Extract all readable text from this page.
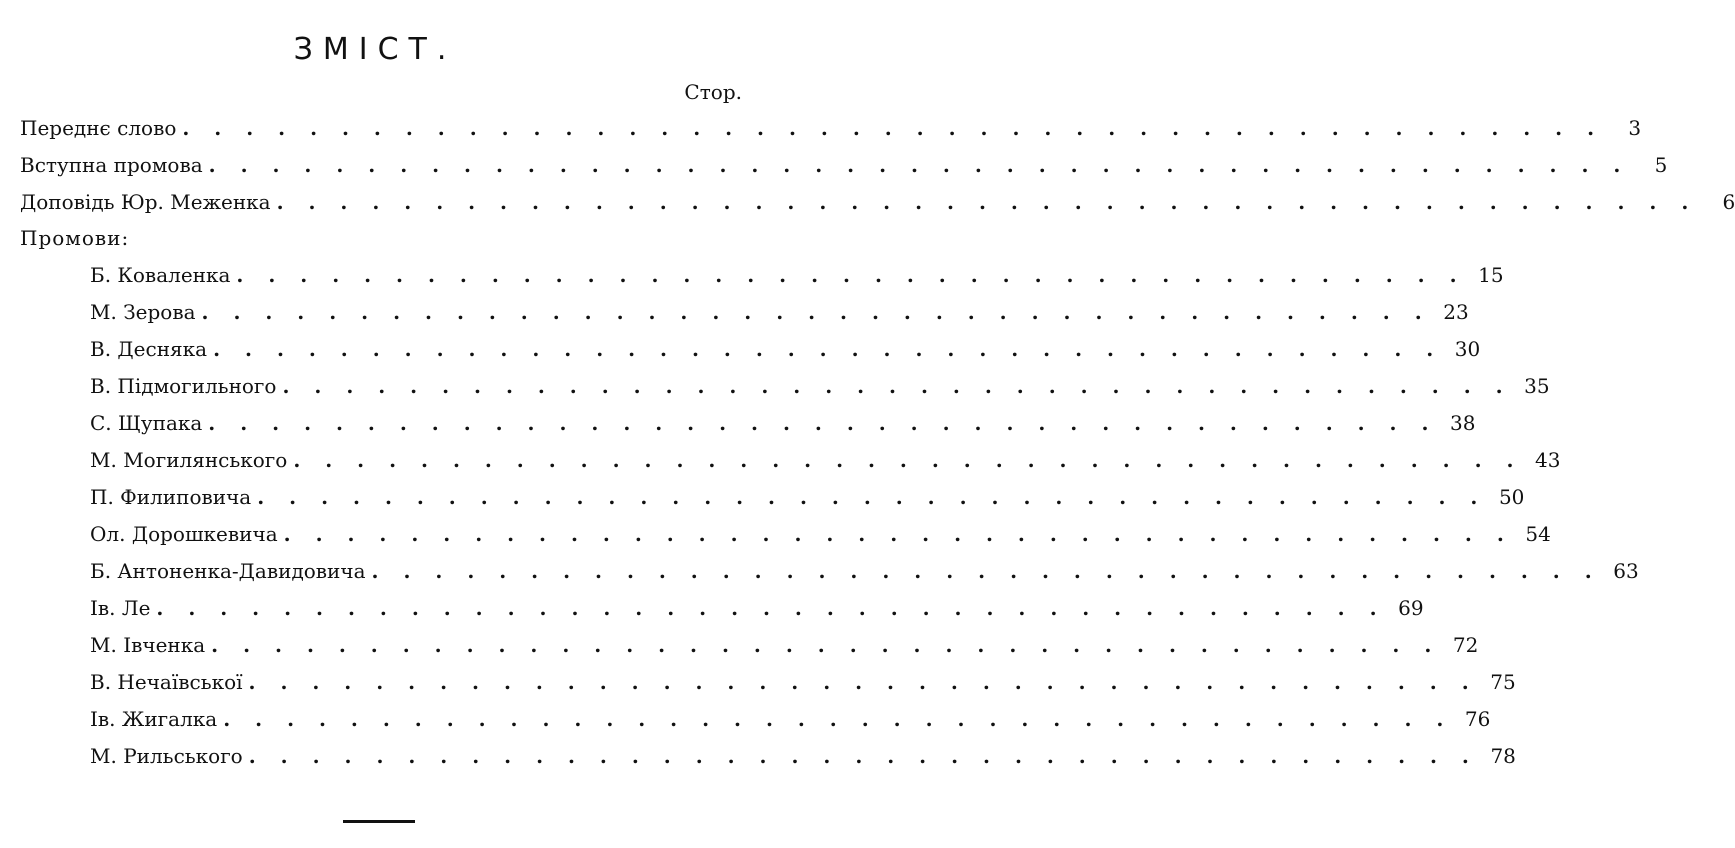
ЗМІСТ.
Стор.
Переднє слово . . . . . . . . . . . . . . . . . . . . . . . . . . . . . . . . . . . . . . . . . . . . .	3
Вступна промова . . . . . . . . . . . . . . . . . . . . . . . . . . . . . . . . . . . . . . . . . . . . .	5
Доповідь Юр. Меженка . . . . . . . . . . . . . . . . . . . . . . . . . . . . . . . . . . . . . . . . . . . . .	6
Промови:
Б. Коваленка . . . . . . . . . . . . . . . . . . . . . . . . . . . . . . . . . . . . . . . 15
М. Зерова . . . . . . . . . . . . . . . . . . . . . . . . . . . . . . . . . . . . . . . 23
В. Десняка . . . . . . . . . . . . . . . . . . . . . . . . . . . . . . . . . . . . . . . 30
В. Підмогильного . . . . . . . . . . . . . . . . . . . . . . . . . . . . . . . . . . . . . . . 35
С. Щупака . . . . . . . . . . . . . . . . . . . . . . . . . . . . . . . . . . . . . . . 38
М. Могилянського . . . . . . . . . . . . . . . . . . . . . . . . . . . . . . . . . . . . . . . 43
П. Филиповича . . . . . . . . . . . . . . . . . . . . . . . . . . . . . . . . . . . . . . . 50
Ол. Дорошкевича . . . . . . . . . . . . . . . . . . . . . . . . . . . . . . . . . . . . . . . 54
Б. Антоненка-Давидовича . . . . . . . . . . . . . . . . . . . . . . . . . . . . . . . . . . . . . . . 63
Ів. Ле . . . . . . . . . . . . . . . . . . . . . . . . . . . . . . . . . . . . . . . 69
М. Івченка . . . . . . . . . . . . . . . . . . . . . . . . . . . . . . . . . . . . . . . 72
В. Нечаївської . . . . . . . . . . . . . . . . . . . . . . . . . . . . . . . . . . . . . . . 75
Ів. Жигалка . . . . . . . . . . . . . . . . . . . . . . . . . . . . . . . . . . . . . . . 76
М. Рильського . . . . . . . . . . . . . . . . . . . . . . . . . . . . . . . . . . . . . . . 78
